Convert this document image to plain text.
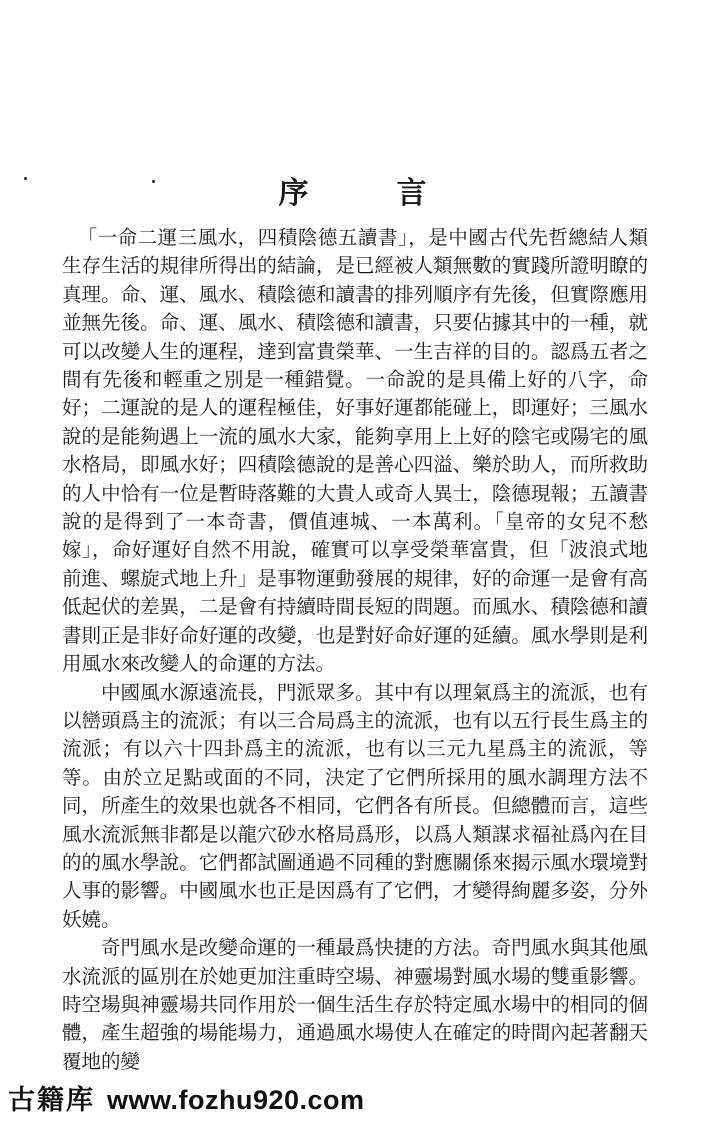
序	言

「一命二運三風水，四積陰德五讀書」，是中國古代先哲總結人類生存生活的規律所得出的結論，是已經被人類無數的實踐所證明瞭的真理。命、運、風水、積陰德和讀書的排列順序有先後，但實際應用並無先後。命、運、風水、積陰德和讀書，只要佔據其中的一種，就可以改變人生的運程，達到富貴榮華、一生吉祥的目的。認爲五者之間有先後和輕重之別是一種錯覺。一命說的是具備上好的八字，命好；二運說的是人的運程極佳，好事好運都能碰上，即運好；三風水說的是能夠遇上一流的風水大家，能夠享用上上好的陰宅或陽宅的風水格局，即風水好；四積陰德說的是善心四溢、樂於助人，而所救助的人中恰有一位是暫時落難的大貴人或奇人異士，陰德現報；五讀書說的是得到了一本奇書，價值連城、一本萬利。「皇帝的女兒不愁嫁」，命好運好自然不用說，確實可以享受榮華富貴，但「波浪式地前進、螺旋式地上升」是事物運動發展的規律，好的命運一是會有高低起伏的差異，二是會有持續時間長短的問題。而風水、積陰德和讀書則正是非好命好運的改變，也是對好命好運的延續。風水學則是利用風水來改變人的命運的方法。

中國風水源遠流長，門派眾多。其中有以理氣爲主的流派，也有以巒頭爲主的流派；有以三合局爲主的流派，也有以五行長生爲主的流派；有以六十四卦爲主的流派，也有以三元九星爲主的流派，等等。由於立足點或面的不同，決定了它們所採用的風水調理方法不同，所產生的效果也就各不相同，它們各有所長。但總體而言，這些風水流派無非都是以龍穴砂水格局爲形，以爲人類謀求福祉爲內在目的的風水學說。它們都試圖通過不同種的對應關係來揭示風水環境對人事的影響。中國風水也正是因爲有了它們，才變得絢麗多姿，分外妖嬈。

奇門風水是改變命運的一種最爲快捷的方法。奇門風水與其他風水流派的區別在於她更加注重時空場、神靈場對風水場的雙重影響。時空場與神靈場共同作用於一個生活生存於特定風水場中的相同的個體，產生超強的場能場力，通過風水場使人在確定的時間內起著翻天覆地的變

古籍库 www.fozhu920.com
